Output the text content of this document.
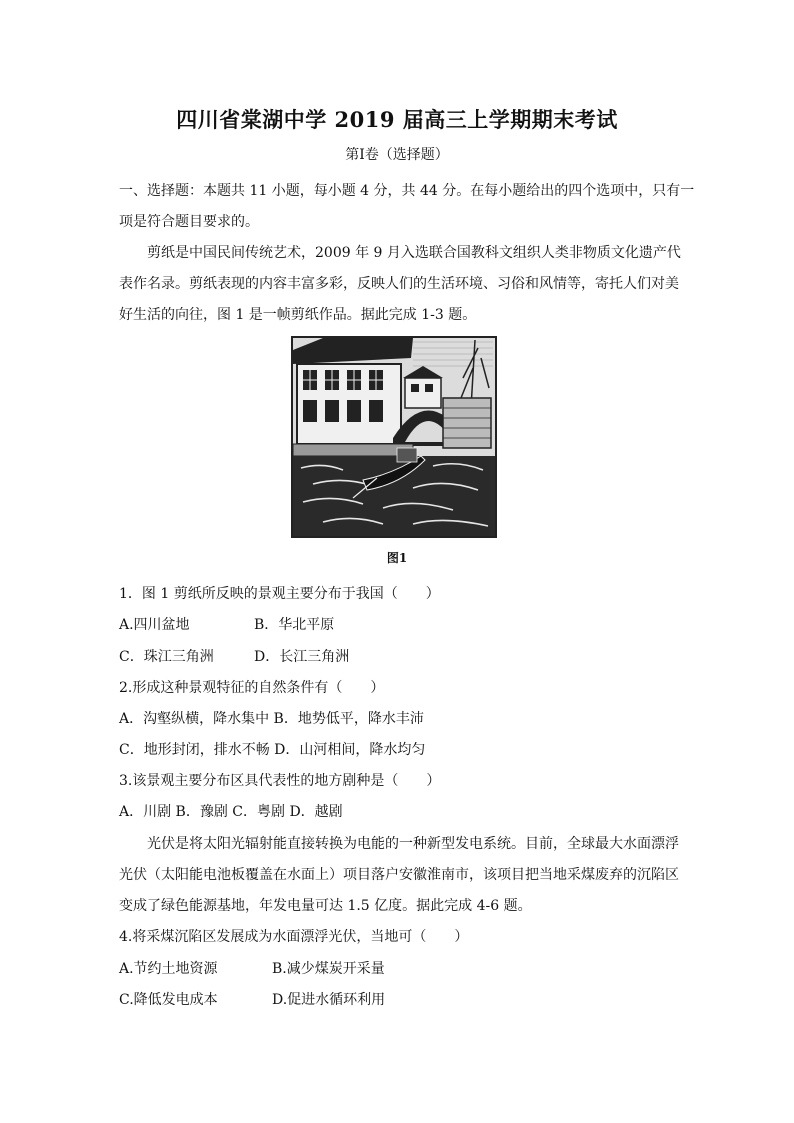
四川省棠湖中学 2019 届高三上学期期末考试
第Ⅰ卷（选择题）
一、选择题：本题共 11 小题，每小题 4 分，共 44 分。在每小题给出的四个选项中，只有一
项是符合题目要求的。
剪纸是中国民间传统艺术，2009 年 9 月入选联合国教科文组织人类非物质文化遗产代
表作名录。剪纸表现的内容丰富多彩，反映人们的生活环境、习俗和风情等，寄托人们对美
好生活的向往，图 1 是一帧剪纸作品。据此完成 1-3 题。
图1
1．图 1 剪纸所反映的景观主要分布于我国（　　）
A.四川盆地	B．华北平原
C．珠江三角洲	D．长江三角洲
2.形成这种景观特征的自然条件有（　　）
A．沟壑纵横，降水集中 B．地势低平，降水丰沛
C．地形封闭，排水不畅 D．山河相间，降水均匀
3.该景观主要分布区具代表性的地方剧种是（　　）
A．川剧 B．豫剧 C．粤剧 D．越剧
光伏是将太阳光辐射能直接转换为电能的一种新型发电系统。目前，全球最大水面漂浮
光伏（太阳能电池板覆盖在水面上）项目落户安徽淮南市，该项目把当地采煤废弃的沉陷区
变成了绿色能源基地，年发电量可达 1.5 亿度。据此完成 4-6 题。
4.将采煤沉陷区发展成为水面漂浮光伏，当地可（　　）
A.节约土地资源	B.减少煤炭开采量
C.降低发电成本	D.促进水循环利用
